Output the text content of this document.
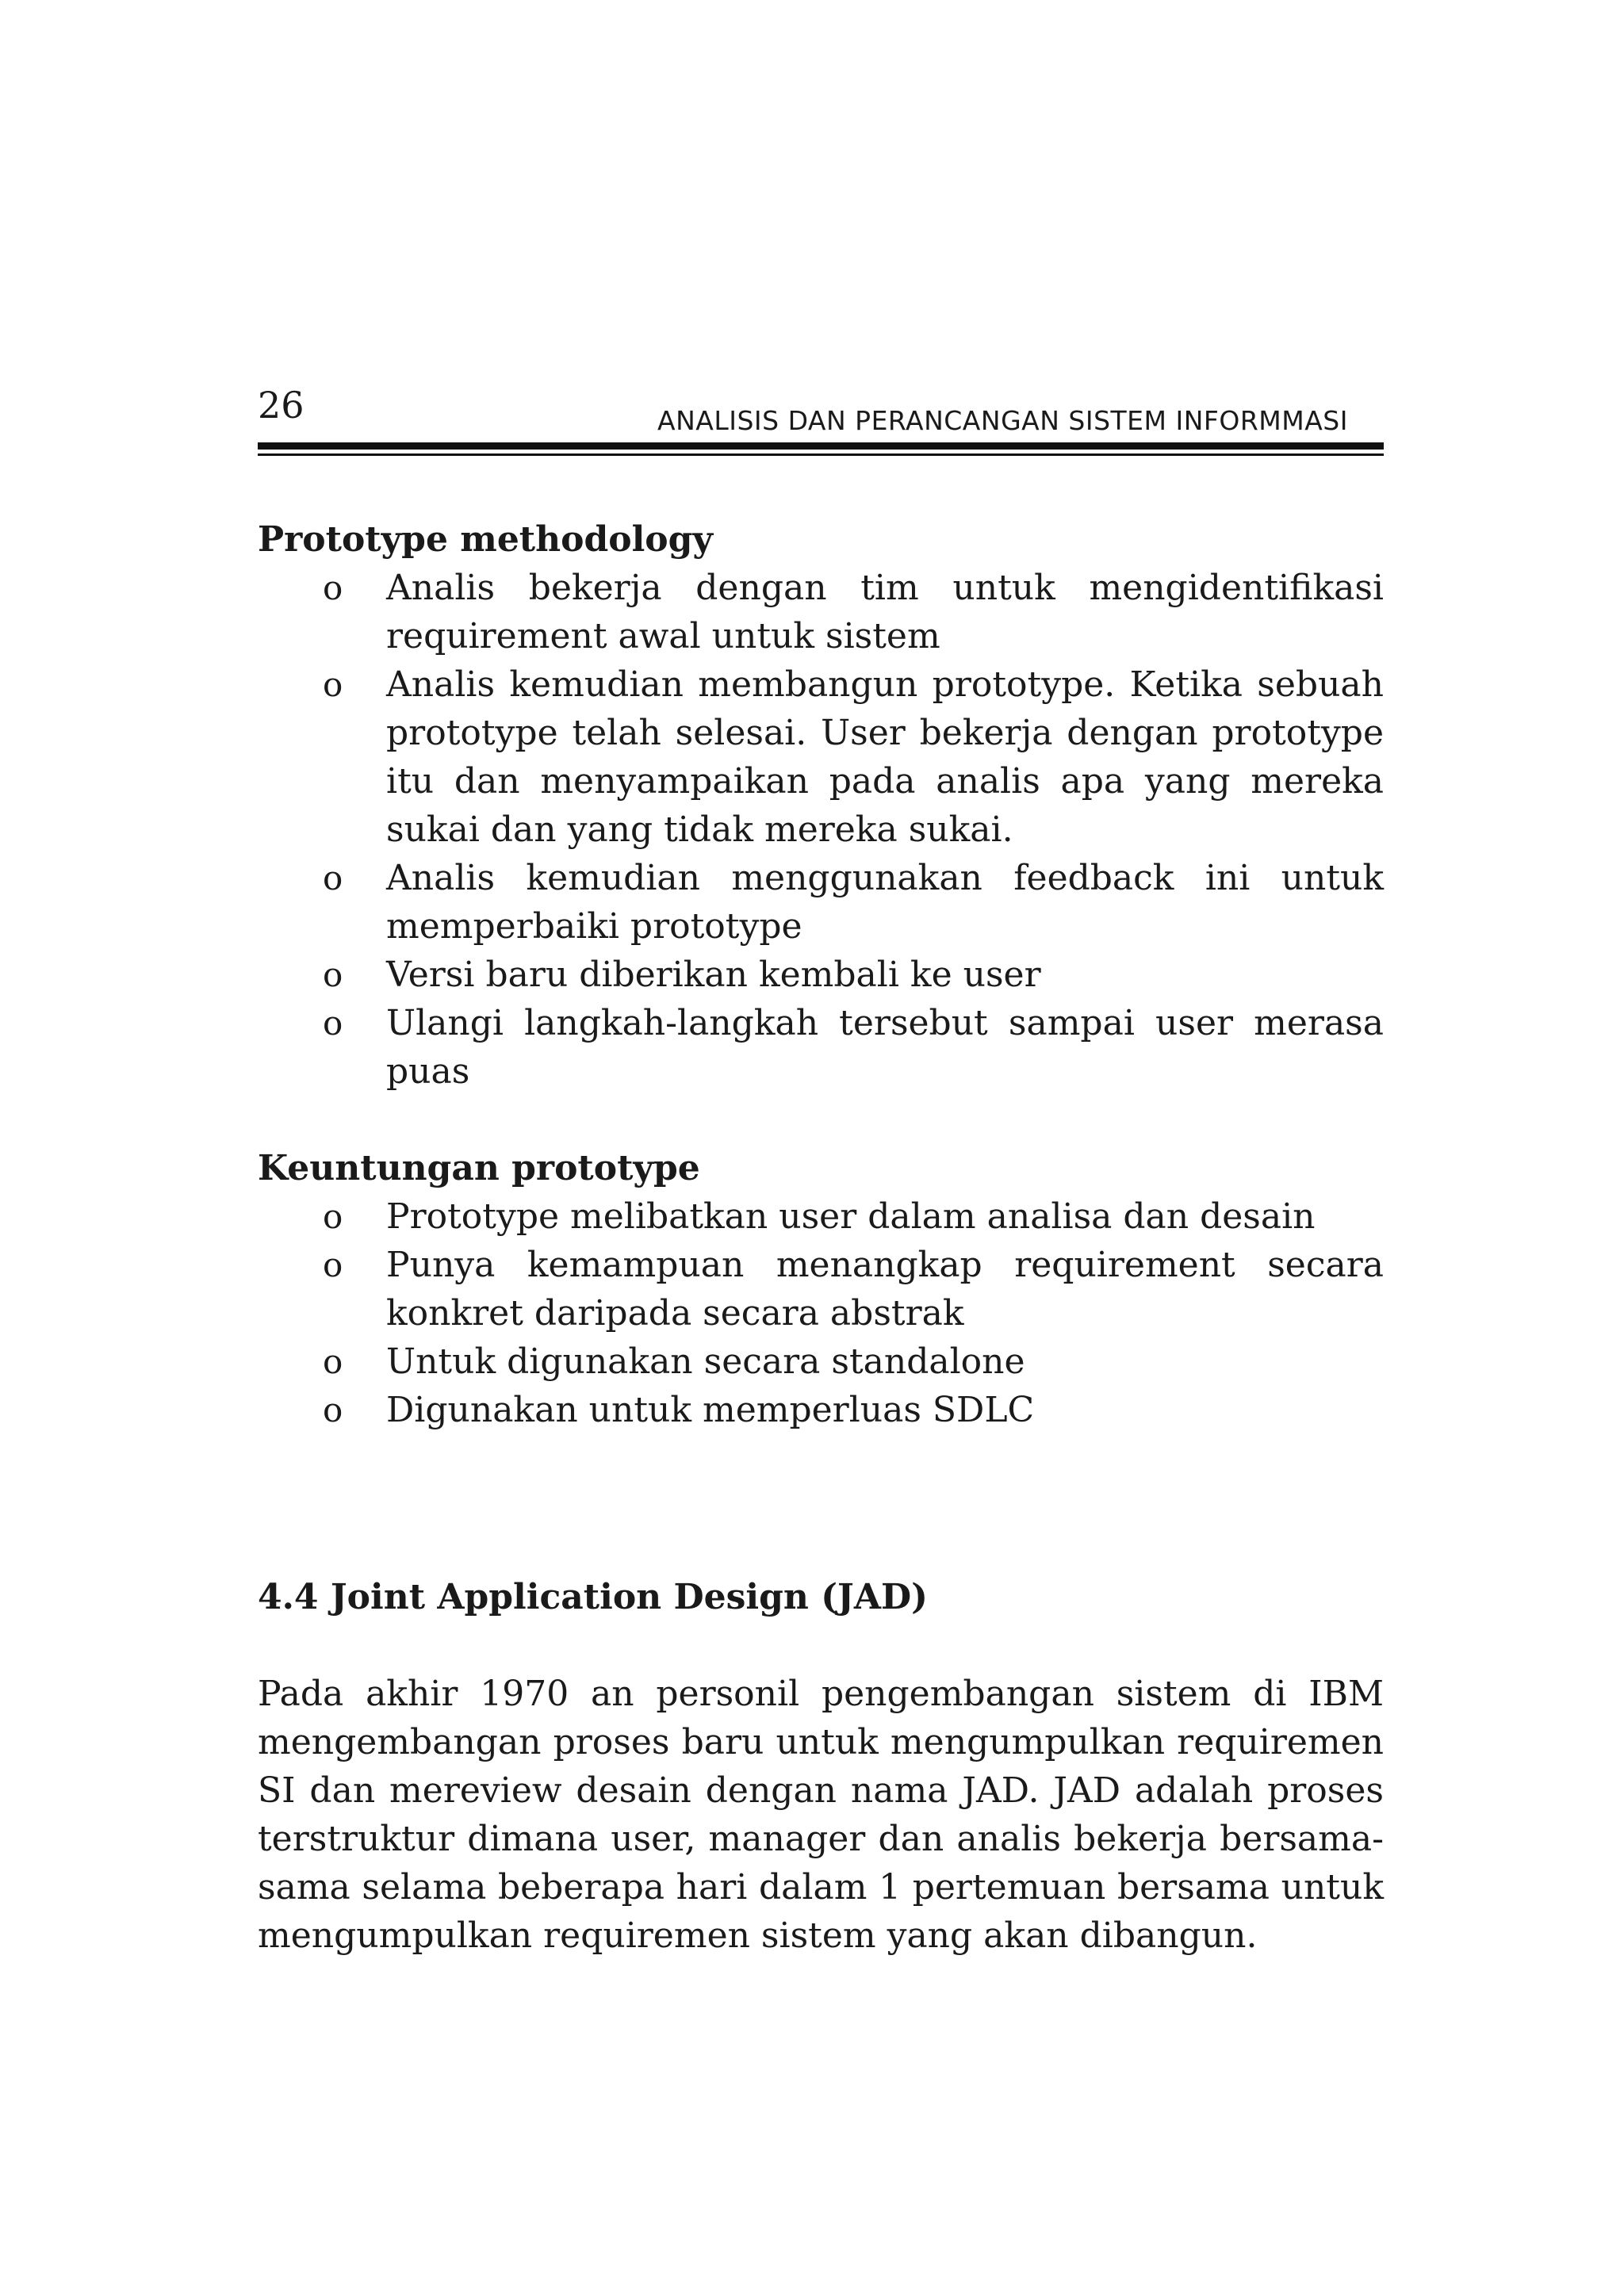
26	ANALISIS DAN PERANCANGAN SISTEM INFORMMASI
Prototype methodology
o Analis bekerja dengan tim untuk mengidentifikasi requirement awal untuk sistem
o Analis kemudian membangun prototype. Ketika sebuah prototype telah selesai. User bekerja dengan prototype itu dan menyampaikan pada analis apa yang mereka sukai dan yang tidak mereka sukai.
o Analis kemudian menggunakan feedback ini untuk memperbaiki prototype
o Versi baru diberikan kembali ke user
o Ulangi langkah-langkah tersebut sampai user merasa puas
Keuntungan prototype
o Prototype melibatkan user dalam analisa dan desain
o Punya kemampuan menangkap requirement secara konkret daripada secara abstrak
o Untuk digunakan secara standalone
o Digunakan untuk memperluas SDLC
4.4 Joint Application Design (JAD)

Pada akhir 1970 an personil pengembangan sistem di IBM mengembangan proses baru untuk mengumpulkan requiremen SI dan mereview desain dengan nama JAD. JAD adalah proses terstruktur dimana user, manager dan analis bekerja bersama-sama selama beberapa hari dalam 1 pertemuan bersama untuk mengumpulkan requiremen sistem yang akan dibangun.
